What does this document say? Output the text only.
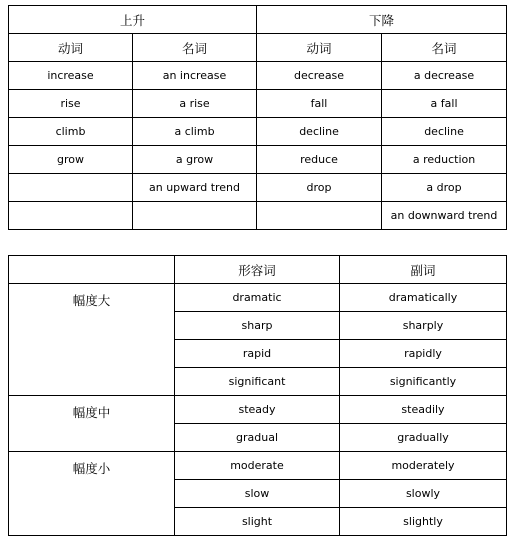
上升		下降	
动词	名词	动词	名词
increase	an increase	decrease	a decrease
rise	a rise	fall	a fall
climb	a climb	decline	decline
grow	a grow	reduce	a reduction
	an upward trend	drop	a drop
			an downward trend
	形容词	副词
幅度大	dramatic	dramatically
	sharp	sharply
	rapid	rapidly
	significant	significantly
幅度中	steady	steadily
	gradual	gradually
幅度小	moderate	moderately
	slow	slowly
	slight	slightly
